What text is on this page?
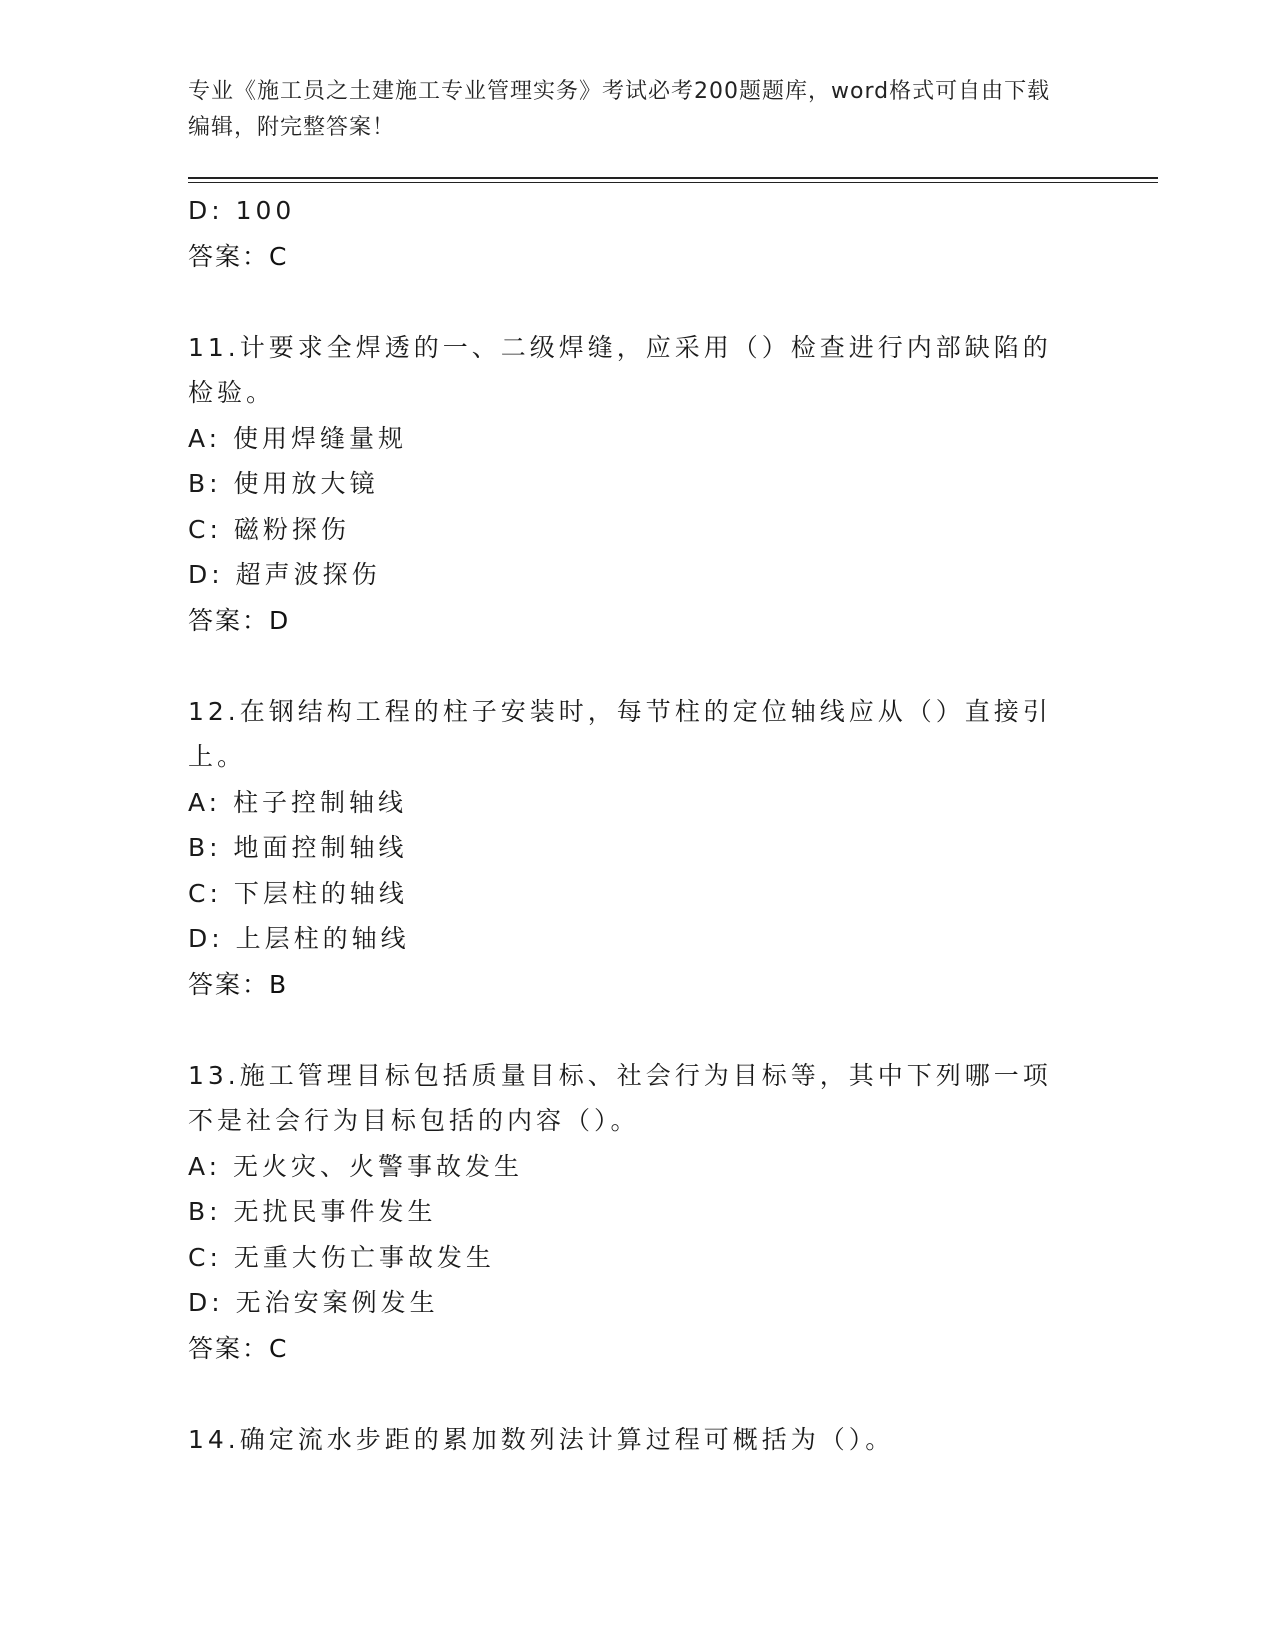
专业《施工员之土建施工专业管理实务》考试必考200题题库，word格式可自由下载编辑，附完整答案！
D: 100
答案：C
11.计要求全焊透的一、二级焊缝，应采用（）检查进行内部缺陷的检验。
A: 使用焊缝量规
B: 使用放大镜
C: 磁粉探伤
D: 超声波探伤
答案：D
12.在钢结构工程的柱子安装时，每节柱的定位轴线应从（）直接引上。
A: 柱子控制轴线
B: 地面控制轴线
C: 下层柱的轴线
D: 上层柱的轴线
答案：B
13.施工管理目标包括质量目标、社会行为目标等，其中下列哪一项不是社会行为目标包括的内容（）。
A: 无火灾、火警事故发生
B: 无扰民事件发生
C: 无重大伤亡事故发生
D: 无治安案例发生
答案：C
14.确定流水步距的累加数列法计算过程可概括为（）。
